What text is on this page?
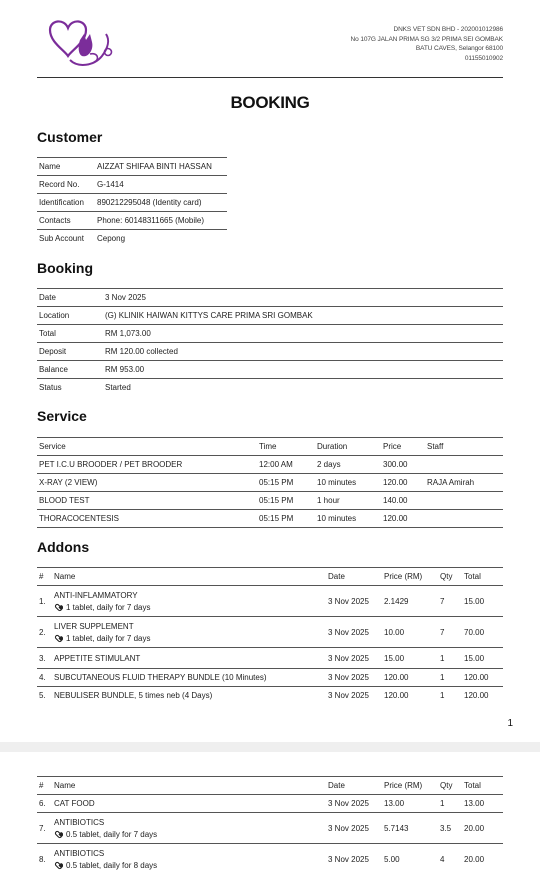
DNKS VET SDN BHD - 202001012986
No 107G JALAN PRIMA SG 3/2 PRIMA SEI GOMBAK
BATU CAVES, Selangor 68100
01155010902
BOOKING
Customer
Name	AIZZAT SHIFAA BINTI HASSAN
Record No.	G-1414
Identification	890212295048 (Identity card)
Contacts	Phone: 60148311665 (Mobile)
Sub Account	Cepong
Booking
Date	3 Nov 2025
Location	(G) KLINIK HAIWAN KITTYS CARE PRIMA SRI GOMBAK
Total	RM 1,073.00
Deposit	RM 120.00 collected
Balance	RM 953.00
Status	Started
Service
Service	Time	Duration	Price	Staff
PET I.C.U BROODER / PET BROODER	12:00 AM	2 days	300.00	
X-RAY (2 VIEW)	05:15 PM	10 minutes	120.00	RAJA Amirah
BLOOD TEST	05:15 PM	1 hour	140.00	
THORACOCENTESIS	05:15 PM	10 minutes	120.00	
Addons
#	Name	Date	Price (RM)	Qty	Total
1.	ANTI-INFLAMMATORY
1 tablet, daily for 7 days	3 Nov 2025	2.1429	7	15.00
2.	LIVER SUPPLEMENT
1 tablet, daily for 7 days	3 Nov 2025	10.00	7	70.00
3.	APPETITE STIMULANT	3 Nov 2025	15.00	1	15.00
4.	SUBCUTANEOUS FLUID THERAPY BUNDLE (10 Minutes)	3 Nov 2025	120.00	1	120.00
5.	NEBULISER BUNDLE, 5 times neb (4 Days)	3 Nov 2025	120.00	1	120.00
1
#	Name	Date	Price (RM)	Qty	Total
6.	CAT FOOD	3 Nov 2025	13.00	1	13.00
7.	ANTIBIOTICS
0.5 tablet, daily for 7 days	3 Nov 2025	5.7143	3.5	20.00
8.	ANTIBIOTICS
0.5 tablet, daily for 8 days	3 Nov 2025	5.00	4	20.00
